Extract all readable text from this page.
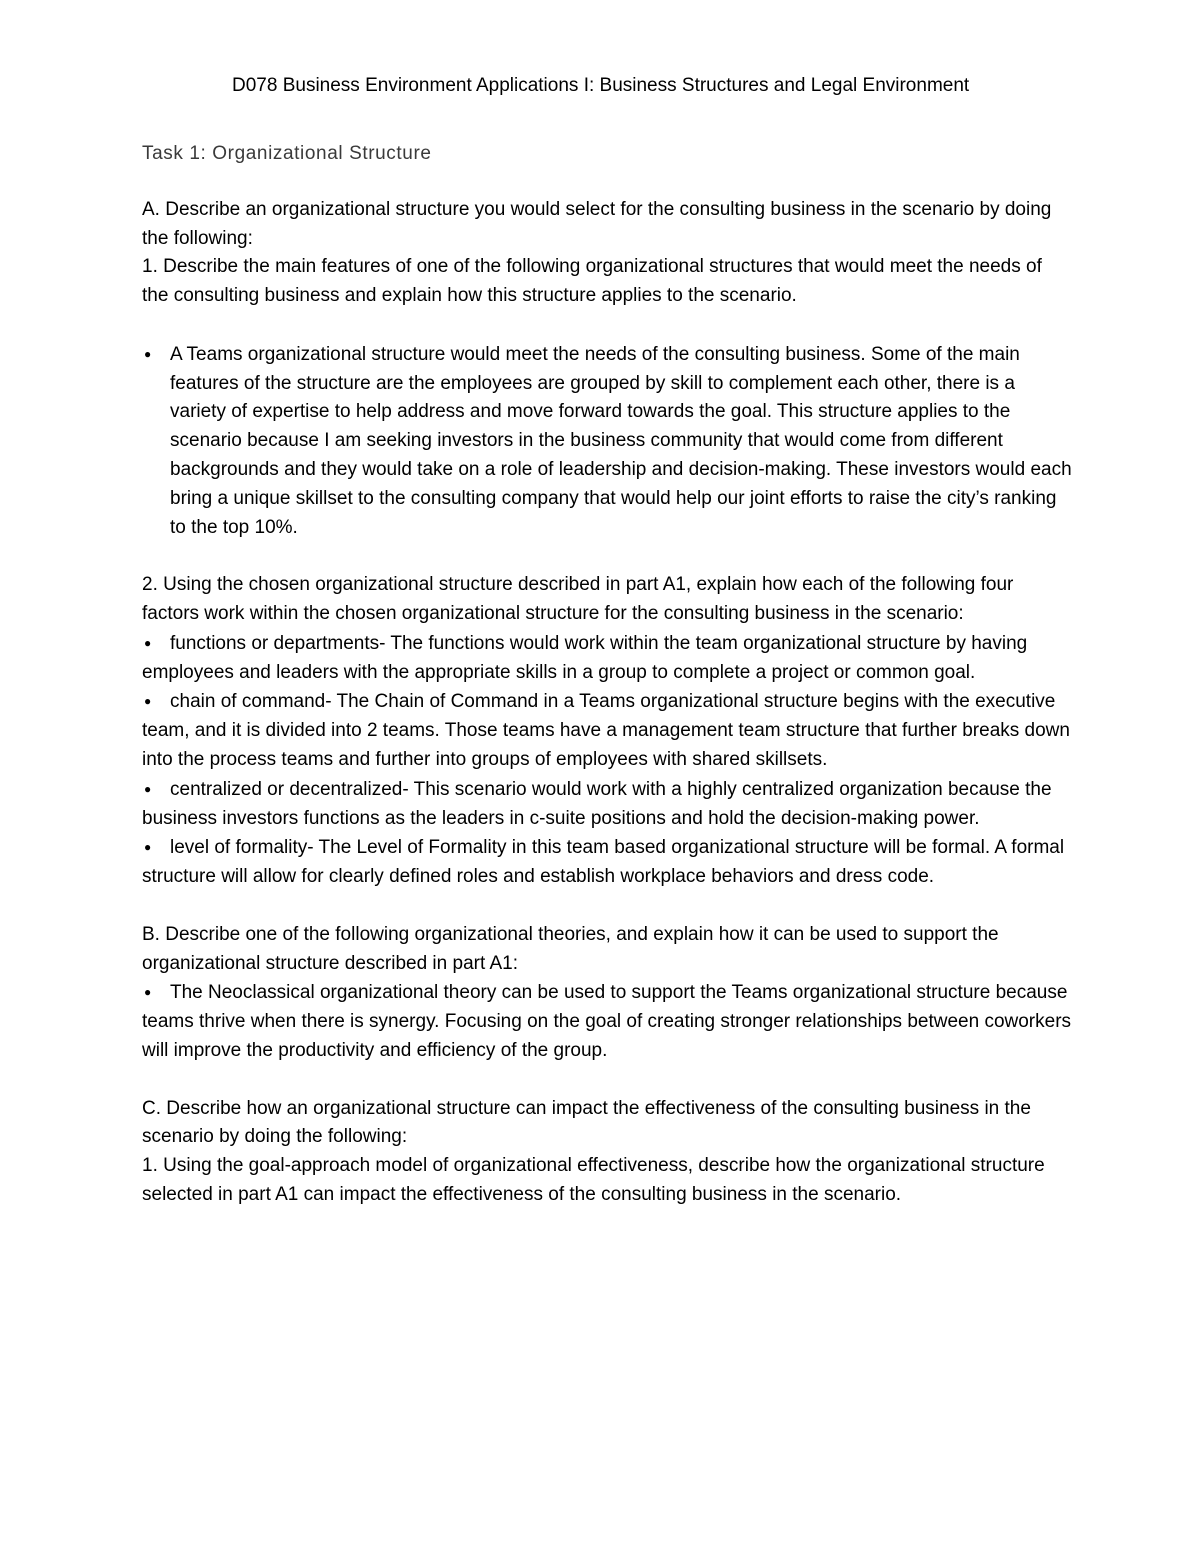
D078 Business Environment Applications I: Business Structures and Legal Environment

Task 1: Organizational Structure

A. Describe an organizational structure you would select for the consulting business in the scenario by doing the following:

1. Describe the main features of one of the following organizational structures that would meet the needs of the consulting business and explain how this structure applies to the scenario.

● A Teams organizational structure would meet the needs of the consulting business. Some of the main features of the structure are the employees are grouped by skill to complement each other, there is a variety of expertise to help address and move forward towards the goal. This structure applies to the scenario because I am seeking investors in the business community that would come from different backgrounds and they would take on a role of leadership and decision-making. These investors would each bring a unique skillset to the consulting company that would help our joint efforts to raise the city’s ranking to the top 10%.

2. Using the chosen organizational structure described in part A1, explain how each of the following four factors work within the chosen organizational structure for the consulting business in the scenario:

● functions or departments- The functions would work within the team organizational structure by having employees and leaders with the appropriate skills in a group to complete a project or common goal.

● chain of command- The Chain of Command in a Teams organizational structure begins with the executive team, and it is divided into 2 teams. Those teams have a management team structure that further breaks down into the process teams and further into groups of employees with shared skillsets.

● centralized or decentralized- This scenario would work with a highly centralized organization because the business investors functions as the leaders in c-suite positions and hold the decision-making power.

● level of formality- The Level of Formality in this team based organizational structure will be formal. A formal structure will allow for clearly defined roles and establish workplace behaviors and dress code.

B. Describe one of the following organizational theories, and explain how it can be used to support the organizational structure described in part A1:

● The Neoclassical organizational theory can be used to support the Teams organizational structure because teams thrive when there is synergy. Focusing on the goal of creating stronger relationships between coworkers will improve the productivity and efficiency of the group.

C. Describe how an organizational structure can impact the effectiveness of the consulting business in the scenario by doing the following:

1. Using the goal-approach model of organizational effectiveness, describe how the organizational structure selected in part A1 can impact the effectiveness of the consulting business in the scenario.
